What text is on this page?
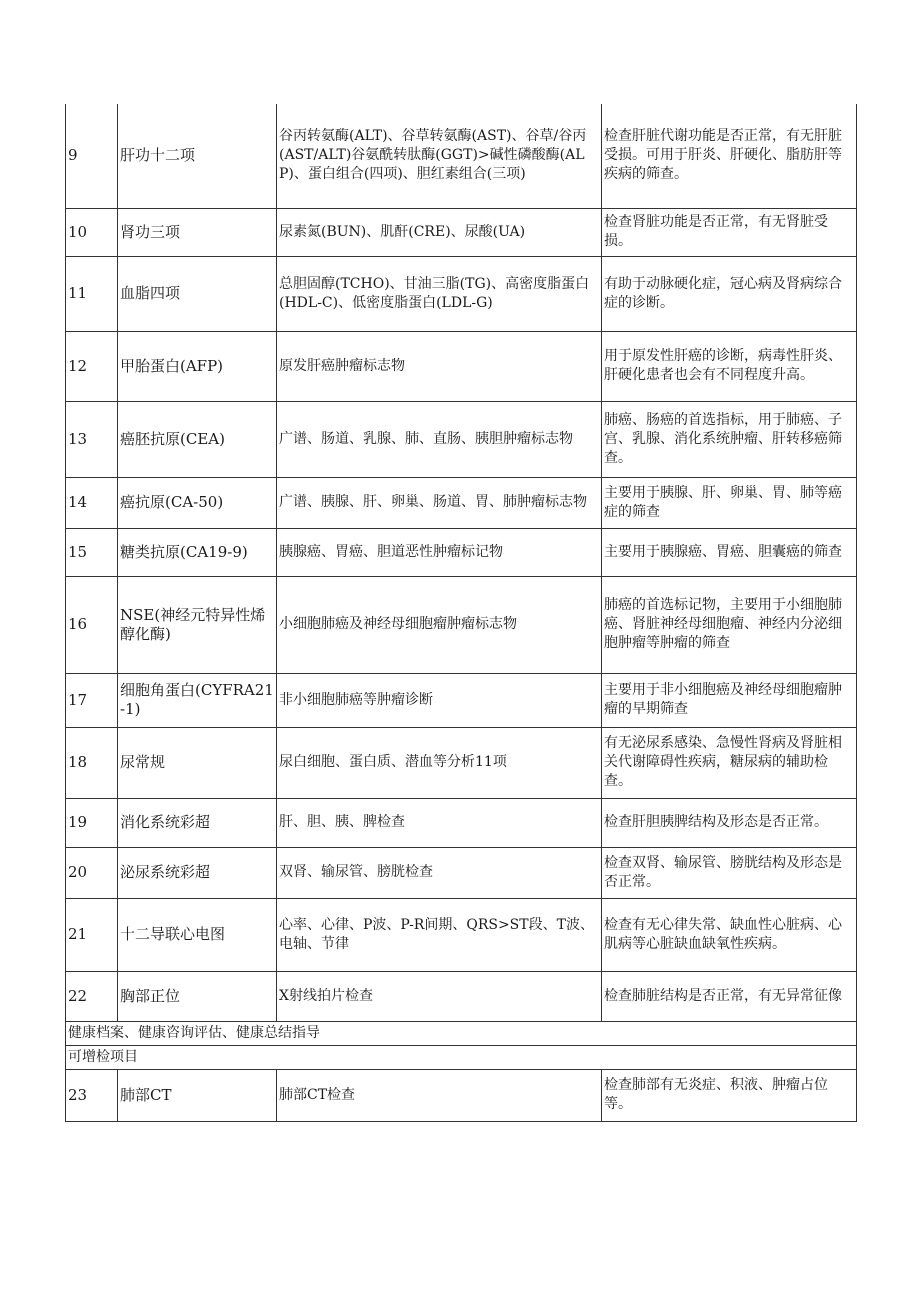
9	肝功十二项	谷丙转氨酶(ALT)、谷草转氨酶(AST)、谷草/谷丙(AST/ALT)谷氨酰转肽酶(GGT)>碱性磷酸酶(ALP)、蛋白组合(四项)、胆红素组合(三项)	检查肝脏代谢功能是否正常，有无肝脏受损。可用于肝炎、肝硬化、脂肪肝等疾病的筛查。
10	肾功三项	尿素氮(BUN)、肌酐(CRE)、尿酸(UA)	检查肾脏功能是否正常，有无肾脏受损。
11	血脂四项	总胆固醇(TCHO)、甘油三脂(TG)、高密度脂蛋白(HDL-C)、低密度脂蛋白(LDL-G)	有助于动脉硬化症，冠心病及肾病综合症的诊断。
12	甲胎蛋白(AFP)	原发肝癌肿瘤标志物	用于原发性肝癌的诊断，病毒性肝炎、肝硬化患者也会有不同程度升高。
13	癌胚抗原(CEA)	广谱、肠道、乳腺、肺、直肠、胰胆肿瘤标志物	肺癌、肠癌的首选指标，用于肺癌、子宫、乳腺、消化系统肿瘤、肝转移癌筛查。
14	癌抗原(CA-50)	广谱、胰腺、肝、卵巢、肠道、胃、肺肿瘤标志物	主要用于胰腺、肝、卵巢、胃、肺等癌症的筛查
15	糖类抗原(CA19-9)	胰腺癌、胃癌、胆道恶性肿瘤标记物	主要用于胰腺癌、胃癌、胆囊癌的筛查
16	NSE(神经元特异性烯醇化酶)	小细胞肺癌及神经母细胞瘤肿瘤标志物	肺癌的首选标记物，主要用于小细胞肺癌、肾脏神经母细胞瘤、神经内分泌细胞肿瘤等肿瘤的筛查
17	细胞角蛋白(CYFRA21-1)	非小细胞肺癌等肿瘤诊断	主要用于非小细胞癌及神经母细胞瘤肿瘤的早期筛查
18	尿常规	尿白细胞、蛋白质、潜血等分析11项	有无泌尿系感染、急慢性肾病及肾脏相关代谢障碍性疾病，糖尿病的辅助检查。
19	消化系统彩超	肝、胆、胰、脾检查	检查肝胆胰脾结构及形态是否正常。
20	泌尿系统彩超	双肾、输尿管、膀胱检查	检查双肾、输尿管、膀胱结构及形态是否正常。
21	十二导联心电图	心率、心律、P波、P-R间期、QRS>ST段、T波、电轴、节律	检查有无心律失常、缺血性心脏病、心肌病等心脏缺血缺氧性疾病。
22	胸部正位	X射线拍片检查	检查肺脏结构是否正常，有无异常征像
健康档案、健康咨询评估、健康总结指导			
可增检项目			
23	肺部CT	肺部CT检查	检查肺部有无炎症、积液、肿瘤占位等。
